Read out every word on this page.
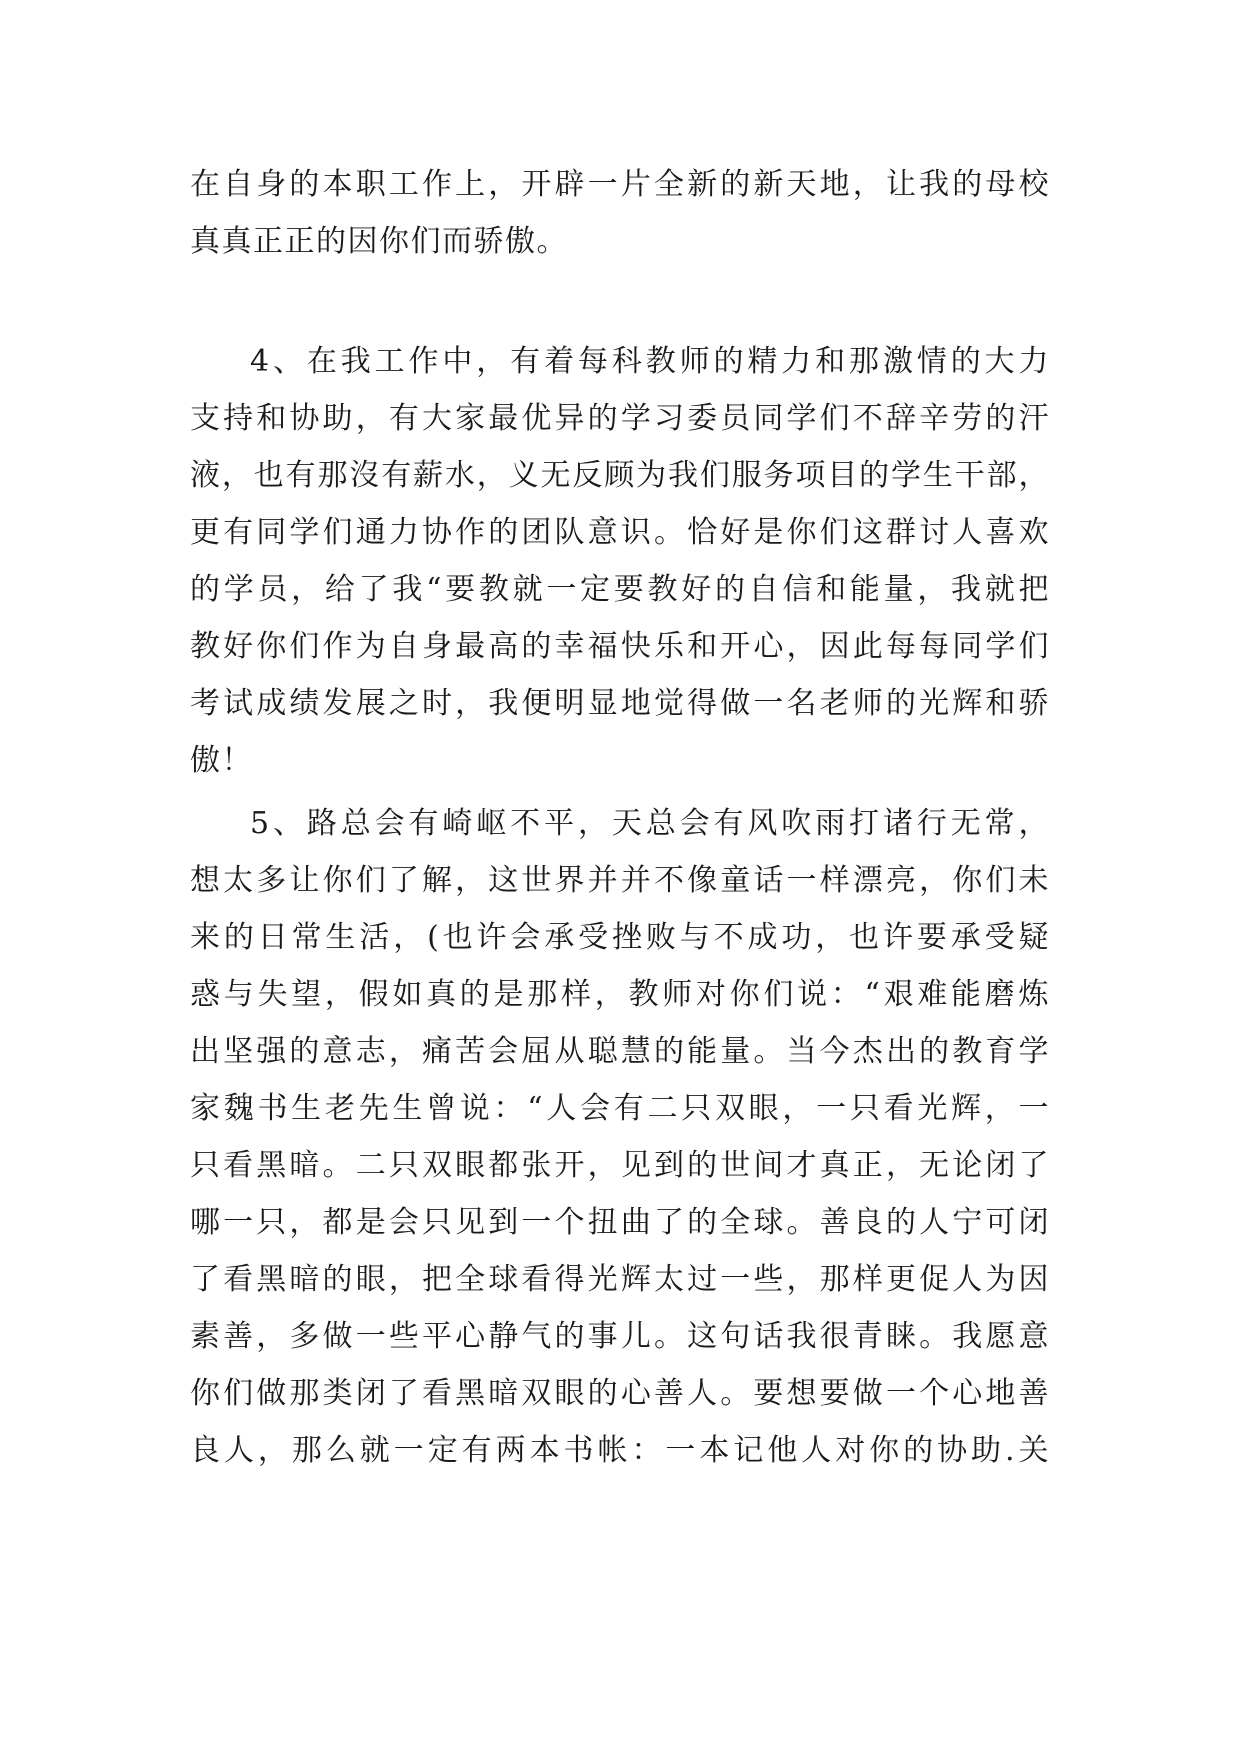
在自身的本职工作上，开辟一片全新的新天地，让我的母校
真真正正的因你们而骄傲。
4、在我工作中，有着每科教师的精力和那激情的大力
支持和协助，有大家最优异的学习委员同学们不辞辛劳的汗
液，也有那沒有薪水，义无反顾为我们服务项目的学生干部，
更有同学们通力协作的团队意识。恰好是你们这群讨人喜欢
的学员，给了我“要教就一定要教好的自信和能量，我就把
教好你们作为自身最高的幸福快乐和开心，因此每每同学们
考试成绩发展之时，我便明显地觉得做一名老师的光辉和骄
傲！
5、路总会有崎岖不平，天总会有风吹雨打诸行无常，
想太多让你们了解，这世界并并不像童话一样漂亮，你们未
来的日常生活，(也许会承受挫败与不成功，也许要承受疑
惑与失望，假如真的是那样，教师对你们说：“艰难能磨炼
出坚强的意志，痛苦会屈从聪慧的能量。当今杰出的教育学
家魏书生老先生曾说：“人会有二只双眼，一只看光辉，一
只看黑暗。二只双眼都张开，见到的世间才真正，无论闭了
哪一只，都是会只见到一个扭曲了的全球。善良的人宁可闭
了看黑暗的眼，把全球看得光辉太过一些，那样更促人为因
素善，多做一些平心静气的事儿。这句话我很青睐。我愿意
你们做那类闭了看黑暗双眼的心善人。要想要做一个心地善
良人，那么就一定有两本书帐：一本记他人对你的协助.关
